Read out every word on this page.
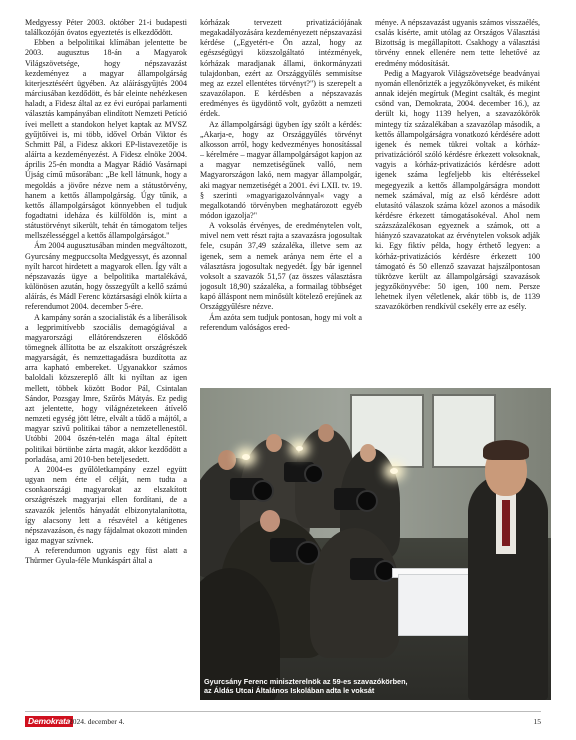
Medgyessy Péter 2003. október 21-i budapesti találkozóján óvatos egyeztetés is elkezdődött.

Ebben a belpolitikai klímában jelentette be 2003. augusztus 18-án a Magyarok Világszövetsége, hogy népszavazást kezdeményez a magyar állampolgárság kiterjesztéséért ügyében. Az aláírásgyűjtés 2004 márciusában kezdődött, és bár eleinte nehézkesen haladt, a Fidesz által az ez évi európai parlamenti választás kampányában elindított Nemzeti Petíció ívei mellett a standokon helyet kaptak az MVSZ gyűjtőívei is, mi több, idővel Orbán Viktor és Schmitt Pál, a Fidesz akkori EP-listavezetője is aláírta a kezdeményezést. A Fidesz elnöke 2004. április 25-én mondta a Magyar Rádió Vasárnapi Újság című műsorában: „Be kell látnunk, hogy a megoldás a jövőre nézve nem a státustörvény, hanem a kettős állampolgárság. Úgy tűnik, a kettős állampolgárságot könnyebben el tudjuk fogadtatni ideháza és külföldön is, mint a státustörvényt sikerült, tehát én támogatom teljes mellszélességgel a kettős állampolgárságot."

Ám 2004 augusztusában minden megváltozott, Gyurcsány megpuccsolta Medgyessyt, és azonnal nyílt harcot hirdetett a magyarok ellen. Így vált a népszavazás ügye a belpolitika martalékává, különösen azután, hogy összegyűlt a kellő számú aláírás, és Mádl Ferenc köztársasági elnök kiírta a referendumot 2004. december 5-ére.

A kampány során a szocialisták és a liberálisok a legprimitívebb szociális demagógiával a magyarországi ellátórendszeren élőskődő tömegnek állította be az elszakított országrészek magyarságát, és nemzettagadásra buzdította az arra kapható embereket. Ugyanakkor számos baloldali közszereplő állt ki nyíltan az igen mellett, többek között Bodor Pál, Csintalan Sándor, Pozsgay Imre, Szűrös Mátyás. Ez pedig azt jelentette, hogy világnézetekeen átívelő nemzeti egység jött létre, elvált a tűdő a májtól, a magyar szívű politikai tábor a nemzetellenestől. Utóbbi 2004 őszén-telén maga által épített politikai börtönbe zárta magát, akkor kezdődött a porladása, ami 2010-ben beteljesedett.

A 2004-es gyűlöletkampány ezzel együtt ugyan nem érte el célját, nem tudta a csonkaországi magyarokat az elszakított országrészek magyarjai ellen fordítani, de a szavazók jelentős hányadát elbizonytalanította, így alacsony lett a részvétel a kétigenes népszavazáson, és nagy fájdalmat okozott minden igaz magyar szívnek.

A referendumon ugyanis egy füst alatt a Thürmer Gyula-féle Munkáspárt által a

kórházak tervezett privatizációjának megakadályozására kezdeményezett népszavazási kérdése („Egyetért-e Ön azzal, hogy az egészségügyi közszolgáltató intézmények, kórházak maradjanak állami, önkormányzati tulajdonban, ezért az Országgyűlés semmisítse meg az ezzel ellentétes törvényt?") is szerepelt a szavazólapon. E kérdésben a népszavazás eredményes és ügydöntő volt, győzött a nemzeti érdek.

Az állampolgársági ügyben így szólt a kérdés: „Akarja-e, hogy az Országgyűlés törvényt alkosson arról, hogy kedvezményes honosítással – kérelmére – magyar állampolgárságot kapjon az a magyar nemzetiségűnek valló, nem Magyarországon lakó, nem magyar állampolgár, aki magyar nemzetiségét a 2001. évi LXII. tv. 19. § szerinti »magyarigazolvánnyal« vagy a megalkotandó törvényben meghatározott egyéb módon igazolja?"

A voksolás érvényes, de eredménytelen volt, mivel nem vett részt rajta a szavazásra jogosultak fele, csupán 37,49 százaléka, illetve sem az igenek, sem a nemek aránya nem érte el a választásra jogosultak negyedét. Így bár igennel voksolt a szavazók 51,57 (az összes választásra jogosult 18,90) százaléka, a formailag többséget kapó álláspont nem minősült kötelező erejűnek az Országgyűlésre nézve.

Ám azóta sem tudjuk pontosan, hogy mi volt a referendum valóságos ered-

ménye. A népszavazást ugyanis számos visszaélés, csalás kísérte, amit utólag az Országos Választási Bizottság is megállapított. Csakhogy a választási törvény ennek ellenére nem tette lehetővé az eredmény módosítását.

Pedig a Magyarok Világszövetsége beadványai nyomán ellenőrizték a jegyzőkönyveket, és miként annak idején megírtuk (Megint csalták, és megint csönd van, Demokrata, 2004. december 16.), az derült ki, hogy 1139 helyen, a szavazókörök mintegy tíz százalékában a szavazólap második, a kettős állampolgárságra vonatkozó kérdésére adott igenek és nemek tükrei voltak a kórház-privatizációról szóló kérdésre érkezett voksoknak, vagyis a kórház-privatizációs kérdésre adott igenek száma legfeljebb kis eltéréssekel megegyezik a kettős állampolgárságra mondott nemek számával, míg az első kérdésre adott elutasító válaszok száma közel azonos a második kérdésre érkezett támogatásokéval. Ahol nem százszázalékosan egyeznek a számok, ott a hiányzó szavazatokat az érvénytelen voksok adják ki. Egy fiktív példa, hogy érthető legyen: a kórház-privatizációs kérdésre érkezett 100 támogató és 50 ellenző szavazat hajszálpontosan tükrözve került az állampolgársági szavazások jegyzőkönyvébe: 50 igen, 100 nem. Persze lehetnek ilyen véletlenek, akár több is, de 1139 szavazókörben rendkívül csekély erre az esély.

Gyurcsány Ferenc miniszterelnök az 59-es szavazókörben,
az Áldás Utcai Általános Iskolában adta le voksát
Demokrata
2024. december 4.	15
